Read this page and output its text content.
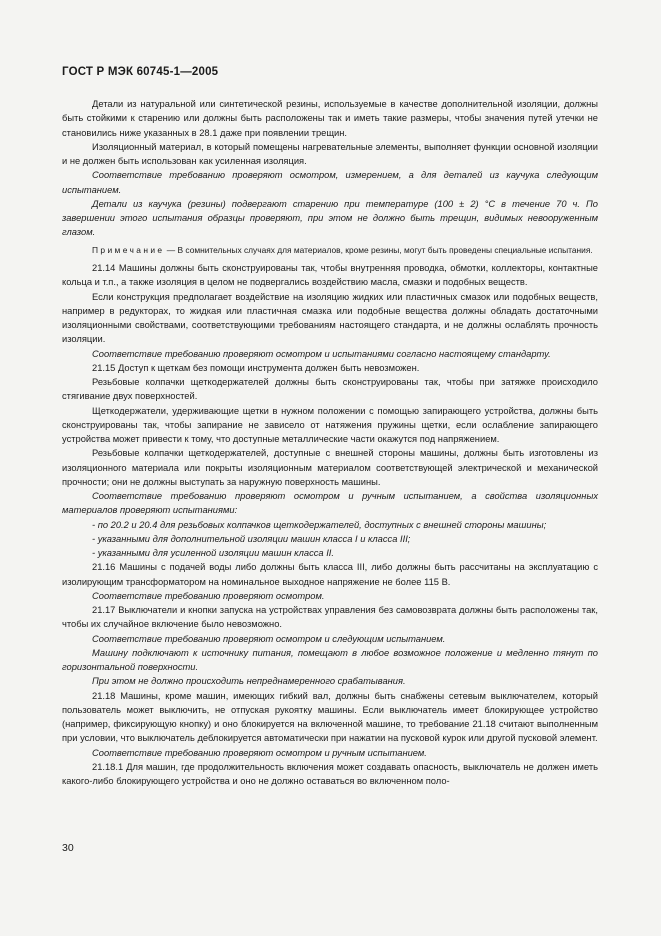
ГОСТ Р МЭК 60745-1—2005

Детали из натуральной или синтетической резины, используемые в качестве дополнительной изоляции, должны быть стойкими к старению или должны быть расположены так и иметь такие размеры, чтобы значения путей утечки не становились ниже указанных в 28.1 даже при появлении трещин.

Изоляционный материал, в который помещены нагревательные элементы, выполняет функции основной изоляции и не должен быть использован как усиленная изоляция.

Соответствие требованию проверяют осмотром, измерением, а для деталей из каучука следующим испытанием.

Детали из каучука (резины) подвергают старению при температуре (100 ± 2) °С в течение 70 ч. По завершении этого испытания образцы проверяют, при этом не должно быть трещин, видимых невооруженным глазом.

Примечание — В сомнительных случаях для материалов, кроме резины, могут быть проведены специальные испытания.

21.14 Машины должны быть сконструированы так, чтобы внутренняя проводка, обмотки, коллекторы, контактные кольца и т.п., а также изоляция в целом не подвергались воздействию масла, смазки и подобных веществ.

Если конструкция предполагает воздействие на изоляцию жидких или пластичных смазок или подобных веществ, например в редукторах, то жидкая или пластичная смазка или подобные вещества должны обладать достаточными изоляционными свойствами, соответствующими требованиям настоящего стандарта, и не должны ослаблять прочность изоляции.

Соответствие требованию проверяют осмотром и испытаниями согласно настоящему стандарту.

21.15 Доступ к щеткам без помощи инструмента должен быть невозможен.

Резьбовые колпачки щеткодержателей должны быть сконструированы так, чтобы при затяжке происходило стягивание двух поверхностей.

Щеткодержатели, удерживающие щетки в нужном положении с помощью запирающего устройства, должны быть сконструированы так, чтобы запирание не зависело от натяжения пружины щетки, если ослабление запирающего устройства может привести к тому, что доступные металлические части окажутся под напряжением.

Резьбовые колпачки щеткодержателей, доступные с внешней стороны машины, должны быть изготовлены из изоляционного материала или покрыты изоляционным материалом соответствующей электрической и механической прочности; они не должны выступать за наружную поверхность машины.

Соответствие требованию проверяют осмотром и ручным испытанием, а свойства изоляционных материалов проверяют испытаниями:

- по 20.2 и 20.4 для резьбовых колпачков щеткодержателей, доступных с внешней стороны машины;

- указанными для дополнительной изоляции машин класса I и класса III;

- указанными для усиленной изоляции машин класса II.

21.16 Машины с подачей воды либо должны быть класса III, либо должны быть рассчитаны на эксплуатацию с изолирующим трансформатором на номинальное выходное напряжение не более 115 В.

Соответствие требованию проверяют осмотром.

21.17 Выключатели и кнопки запуска на устройствах управления без самовозврата должны быть расположены так, чтобы их случайное включение было невозможно.

Соответствие требованию проверяют осмотром и следующим испытанием.

Машину подключают к источнику питания, помещают в любое возможное положение и медленно тянут по горизонтальной поверхности.

При этом не должно происходить непреднамеренного срабатывания.

21.18 Машины, кроме машин, имеющих гибкий вал, должны быть снабжены сетевым выключателем, который пользователь может выключить, не отпуская рукоятку машины. Если выключатель имеет блокирующее устройство (например, фиксирующую кнопку) и оно блокируется на включенной машине, то требование 21.18 считают выполненным при условии, что выключатель деблокируется автоматически при нажатии на пусковой курок или другой пусковой элемент.

Соответствие требованию проверяют осмотром и ручным испытанием.

21.18.1 Для машин, где продолжительность включения может создавать опасность, выключатель не должен иметь какого-либо блокирующего устройства и оно не должно оставаться во включенном поло-

30
